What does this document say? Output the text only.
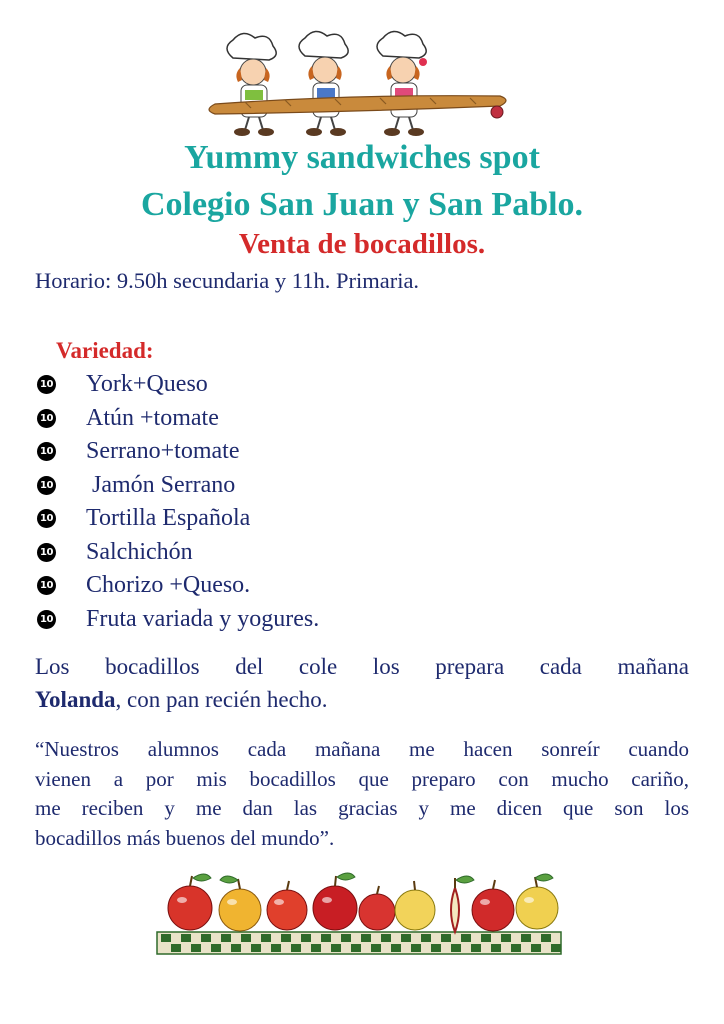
Yummy sandwiches spot
Colegio San Juan y San Pablo.
Venta de bocadillos.
Horario: 9.50h secundaria y 11h. Primaria.
Variedad:
10 York+Queso
10 Atún +tomate
10 Serrano+tomate
10 Jamón Serrano
10 Tortilla Española
10 Salchichón
10 Chorizo +Queso.
10 Fruta variada y yogures.
Los bocadillos del cole los prepara cada mañana
Yolanda, con pan recién hecho.
“Nuestros alumnos cada mañana me hacen sonreír cuando
vienen a por mis bocadillos que preparo con mucho cariño,
me reciben y me dan las gracias y me dicen que son los
bocadillos más buenos del mundo”.
